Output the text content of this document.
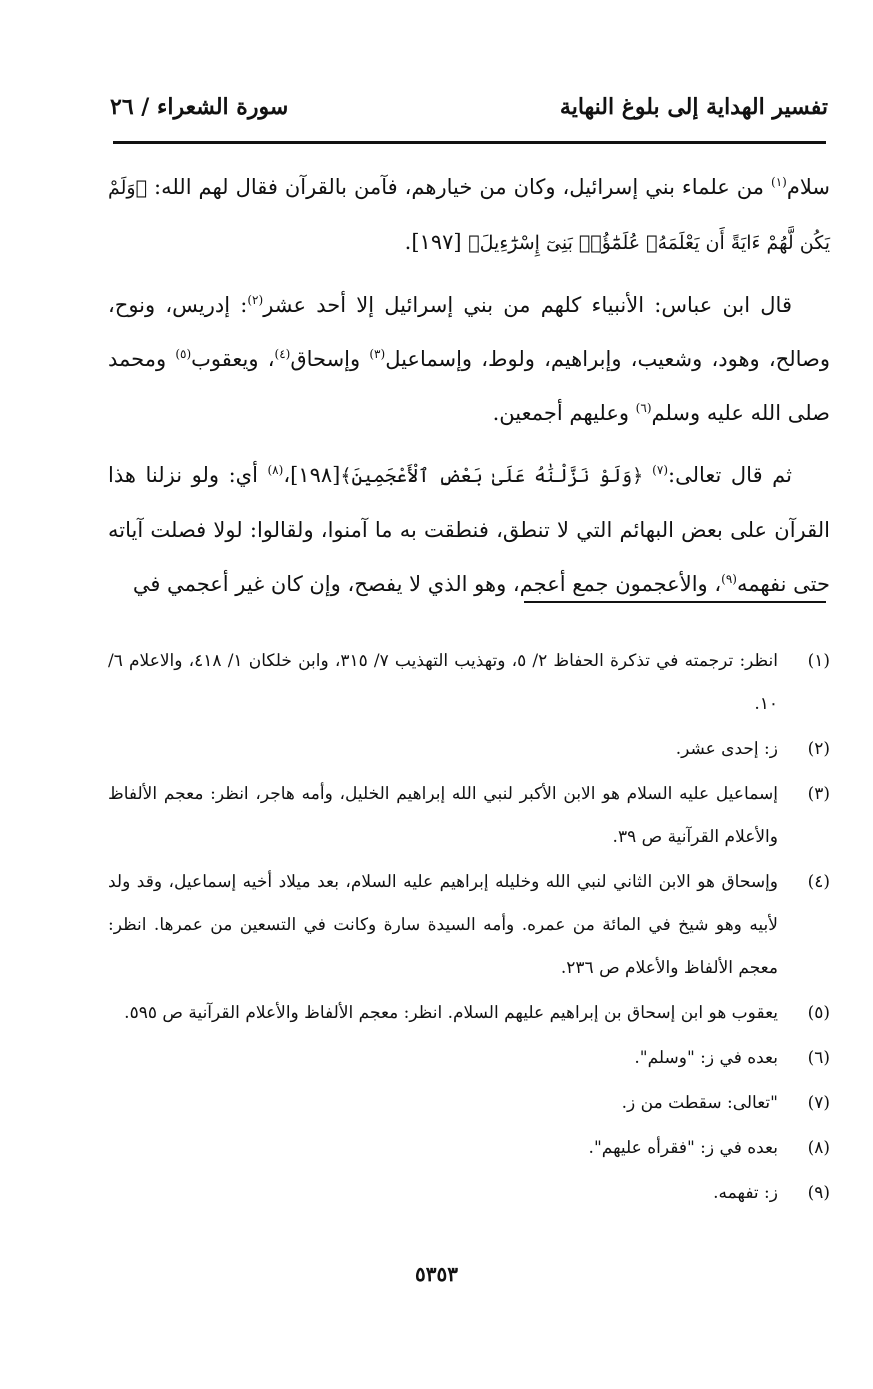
تفسير الهداية إلى بلوغ النهاية
سورة الشعراء / ٢٦

سلام$^{(١)}$ من علماء بني إسرائيل، وكان من خيارهم، فآمن بالقرآن فقال لهم الله: ﴿وَلَمْ يَكُن لَّهُمْ ءَايَةً أَن يَعْلَمَهُۥ عُلَمَٰٓؤُا۟ بَنِىٓ إِسْرَٰٓءِيلَ﴾ [١٩٧].

قال ابن عباس: الأنبياء كلهم من بني إسرائيل إلا أحد عشر$^{(٢)}$: إدريس، ونوح، وصالح، وهود، وشعيب، وإبراهيم، ولوط، وإسماعيل$^{(٣)}$ وإسحاق$^{(٤)}$، ويعقوب$^{(٥)}$ ومحمد صلى الله عليه وسلم$^{(٦)}$ وعليهم أجمعين.

ثم قال تعالى:$^{(٧)}$ ﴿وَلَوْ نَزَّلْنَٰهُ عَلَىٰ بَعْضِ ٱلْأَعْجَمِينَ﴾[١٩٨]،$^{(٨)}$ أي: ولو نزلنا هذا القرآن على بعض البهائم التي لا تنطق، فنطقت به ما آمنوا، ولقالوا: لولا فصلت آياته حتى نفهمه$^{(٩)}$، والأعجمون جمع أعجم، وهو الذي لا يفصح، وإن كان غير أعجمي في

(١)
انظر: ترجمته في تذكرة الحفاظ ٢/ ٥، وتهذيب التهذيب ٧/ ٣١٥، وابن خلكان ١/ ٤١٨، والاعلام ٦/ ١٠.
(٢)
ز: إحدى عشر.
(٣)
إسماعيل عليه السلام هو الابن الأكبر لنبي الله إبراهيم الخليل، وأمه هاجر، انظر: معجم الألفاظ والأعلام القرآنية ص ٣٩.
(٤)
وإسحاق هو الابن الثاني لنبي الله وخليله إبراهيم عليه السلام، بعد ميلاد أخيه إسماعيل، وقد ولد لأبيه وهو شيخ في المائة من عمره. وأمه السيدة سارة وكانت في التسعين من عمرها. انظر: معجم الألفاظ والأعلام ص ٢٣٦.
(٥)
يعقوب هو ابن إسحاق بن إبراهيم عليهم السلام. انظر: معجم الألفاظ والأعلام القرآنية ص ٥٩٥.
(٦)
بعده في ز: "وسلم".
(٧)
"تعالى: سقطت من ز.
(٨)
بعده في ز: "فقرأه عليهم".
(٩)
ز: تفهمه.
٥٣٥٣
